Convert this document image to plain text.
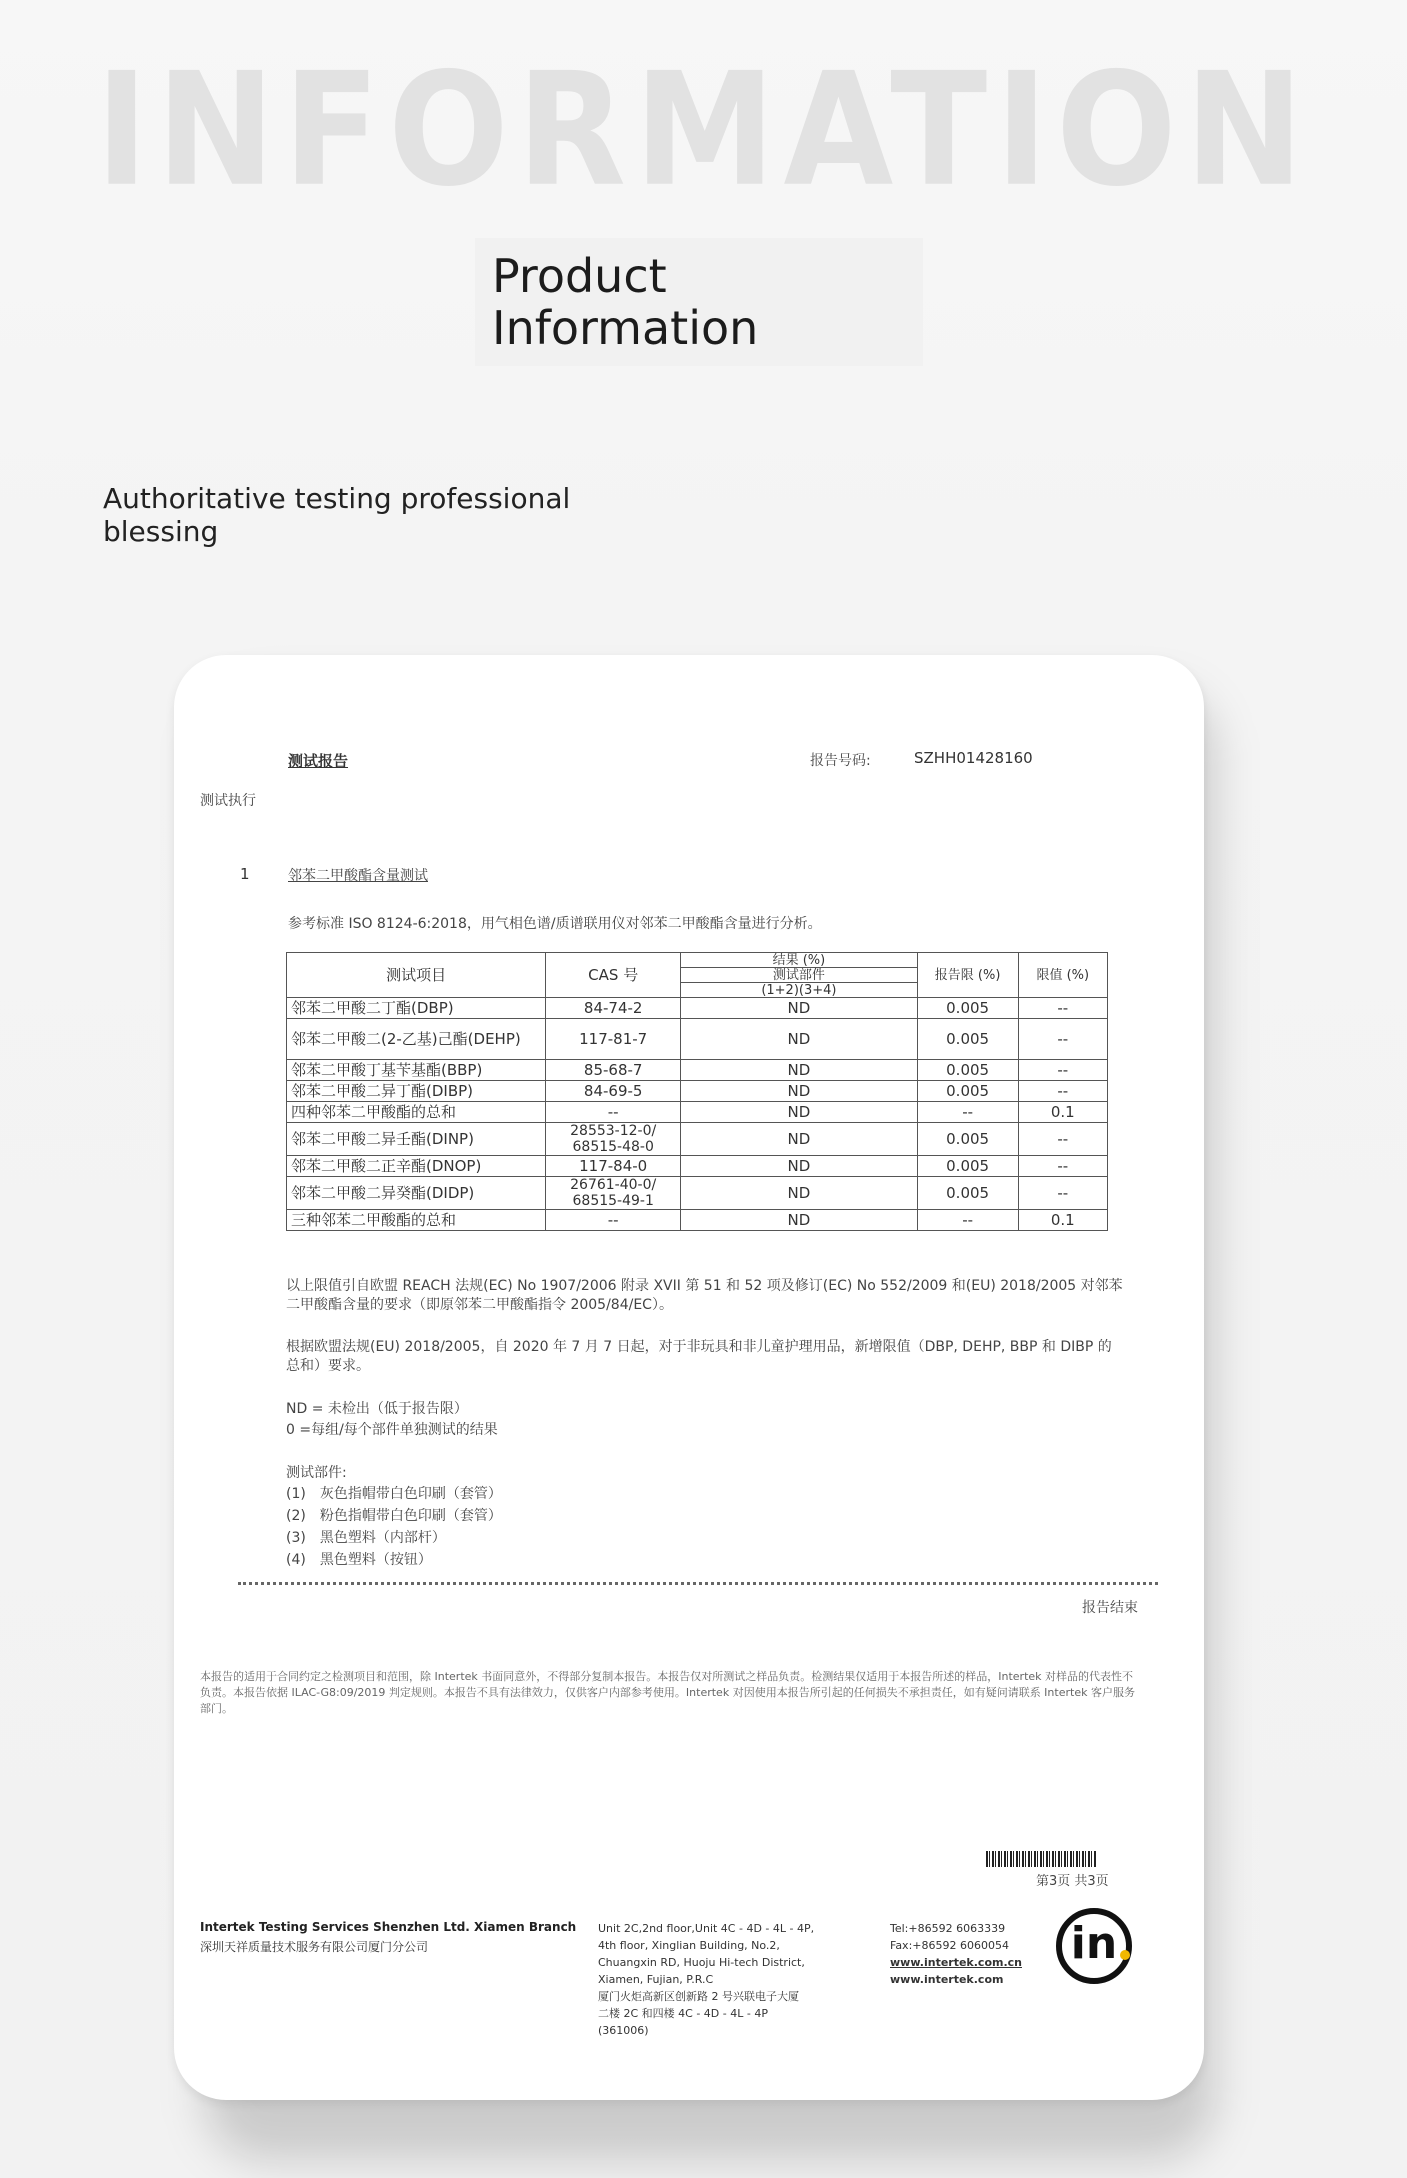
INFORMATION
Product Information
Authoritative testing professional blessing
测试报告	报告号码:	SZHH01428160
测试执行
1	邻苯二甲酸酯含量测试
参考标准 ISO 8124-6:2018，用气相色谱/质谱联用仪对邻苯二甲酸酯含量进行分析。
测试项目	CAS 号	结果 (%)	报告限 (%)	限值 (%)
		测试部件		
		(1+2)(3+4)		
邻苯二甲酸二丁酯(DBP)	84-74-2	ND	0.005	--
邻苯二甲酸二(2-乙基)己酯(DEHP)	117-81-7	ND	0.005	--
邻苯二甲酸丁基苄基酯(BBP)	85-68-7	ND	0.005	--
邻苯二甲酸二异丁酯(DIBP)	84-69-5	ND	0.005	--
四种邻苯二甲酸酯的总和	--	ND	--	0.1
邻苯二甲酸二异壬酯(DINP)	28553-12-0/ 68515-48-0	ND	0.005	--
邻苯二甲酸二正辛酯(DNOP)	117-84-0	ND	0.005	--
邻苯二甲酸二异癸酯(DIDP)	26761-40-0/ 68515-49-1	ND	0.005	--
三种邻苯二甲酸酯的总和	--	ND	--	0.1
以上限值引自欧盟 REACH 法规(EC) No 1907/2006 附录 XVII 第 51 和 52 项及修订(EC) No 552/2009 和(EU) 2018/2005 对邻苯二甲酸酯含量的要求（即原邻苯二甲酸酯指令 2005/84/EC）。
根据欧盟法规(EU) 2018/2005，自 2020 年 7 月 7 日起，对于非玩具和非儿童护理用品，新增限值（DBP, DEHP, BBP 和 DIBP 的总和）要求。
ND = 未检出（低于报告限）
0 =每组/每个部件单独测试的结果
测试部件:
(1)　灰色指帽带白色印刷（套管）
(2)　粉色指帽带白色印刷（套管）
(3)　黑色塑料（内部杆）
(4)　黑色塑料（按钮）
报告结束
本报告的适用于合同约定之检测项目和范围，除 Intertek 书面同意外，不得部分复制本报告。本报告仅对所测试之样品负责。检测结果仅适用于本报告所述的样品，Intertek 对样品的代表性不负责。本报告依据 ILAC-G8:09/2019 判定规则。本报告不具有法律效力，仅供客户内部参考使用。Intertek 对因使用本报告所引起的任何损失不承担责任，如有疑问请联系 Intertek 客户服务部门。
第3页 共3页
Intertek Testing Services Shenzhen Ltd. Xiamen Branch
深圳天祥质量技术服务有限公司厦门分公司
Unit 2C,2nd floor,Unit 4C - 4D - 4L - 4P,
4th floor, Xinglian Building, No.2,
Chuangxin RD, Huoju Hi-tech District,
Xiamen, Fujian, P.R.C
厦门火炬高新区创新路 2 号兴联电子大厦
二楼 2C 和四楼 4C - 4D - 4L - 4P
(361006)
Tel:+86592 6063339
Fax:+86592 6060054
www.intertek.com.cn
www.intertek.com
in
